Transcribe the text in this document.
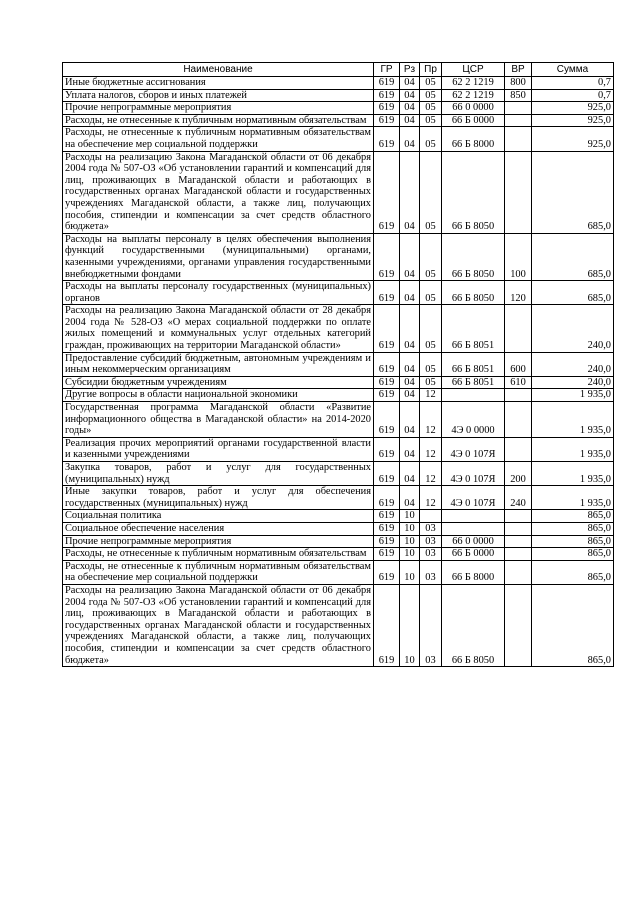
Наименование	ГР	Рз	Пр	ЦСР	ВР	Сумма
Иные бюджетные ассигнования	619	04	05	62 2 1219	800	0,7
Уплата налогов, сборов и иных платежей	619	04	05	62 2 1219	850	0,7
Прочие непрограммные мероприятия	619	04	05	66 0 0000		925,0
Расходы, не отнесенные к публичным нормативным обязательствам	619	04	05	66 Б 0000		925,0
Расходы, не отнесенные к публичным нормативным обязательствам на обеспечение мер социальной поддержки	619	04	05	66 Б 8000		925,0
Расходы на реализацию Закона Магаданской области от 06 декабря 2004 года № 507-ОЗ «Об установлении гарантий и компенсаций для лиц, проживающих в Магаданской области и работающих в государственных органах Магаданской области и государственных учреждениях Магаданской области, а также лиц, получающих пособия, стипендии и компенсации за счет средств областного бюджета»	619	04	05	66 Б 8050		685,0
Расходы на выплаты персоналу в целях обеспечения выполнения функций государственными (муниципальными) органами, казенными учреждениями, органами управления государственными внебюджетными фондами	619	04	05	66 Б 8050	100	685,0
Расходы на выплаты персоналу государственных (муниципальных) органов	619	04	05	66 Б 8050	120	685,0
Расходы на реализацию Закона Магаданской области от 28 декабря 2004 года № 528-ОЗ «О мерах социальной поддержки по оплате жилых помещений и коммунальных услуг отдельных категорий граждан, проживающих на территории Магаданской области»	619	04	05	66 Б 8051		240,0
Предоставление субсидий бюджетным, автономным учреждениям и иным некоммерческим организациям	619	04	05	66 Б 8051	600	240,0
Субсидии бюджетным учреждениям	619	04	05	66 Б 8051	610	240,0
Другие вопросы в области национальной экономики	619	04	12			1 935,0
Государственная программа Магаданской области «Развитие информационного общества в Магаданской области» на 2014-2020 годы»	619	04	12	4Э 0 0000		1 935,0
Реализация прочих мероприятий органами государственной власти и казенными учреждениями	619	04	12	4Э 0 107Я		1 935,0
Закупка товаров, работ и услуг для государственных (муниципальных) нужд	619	04	12	4Э 0 107Я	200	1 935,0
Иные закупки товаров, работ и услуг для обеспечения государственных (муниципальных) нужд	619	04	12	4Э 0 107Я	240	1 935,0
Социальная политика	619	10				865,0
Социальное обеспечение населения	619	10	03			865,0
Прочие непрограммные мероприятия	619	10	03	66 0 0000		865,0
Расходы, не отнесенные к публичным нормативным обязательствам	619	10	03	66 Б 0000		865,0
Расходы, не отнесенные к публичным нормативным обязательствам на обеспечение мер социальной поддержки	619	10	03	66 Б 8000		865,0
Расходы на реализацию Закона Магаданской области от 06 декабря 2004 года № 507-ОЗ «Об установлении гарантий и компенсаций для лиц, проживающих в Магаданской области и работающих в государственных органах Магаданской области и государственных учреждениях Магаданской области, а также лиц, получающих пособия, стипендии и компенсации за счет средств областного бюджета»	619	10	03	66 Б 8050		865,0
